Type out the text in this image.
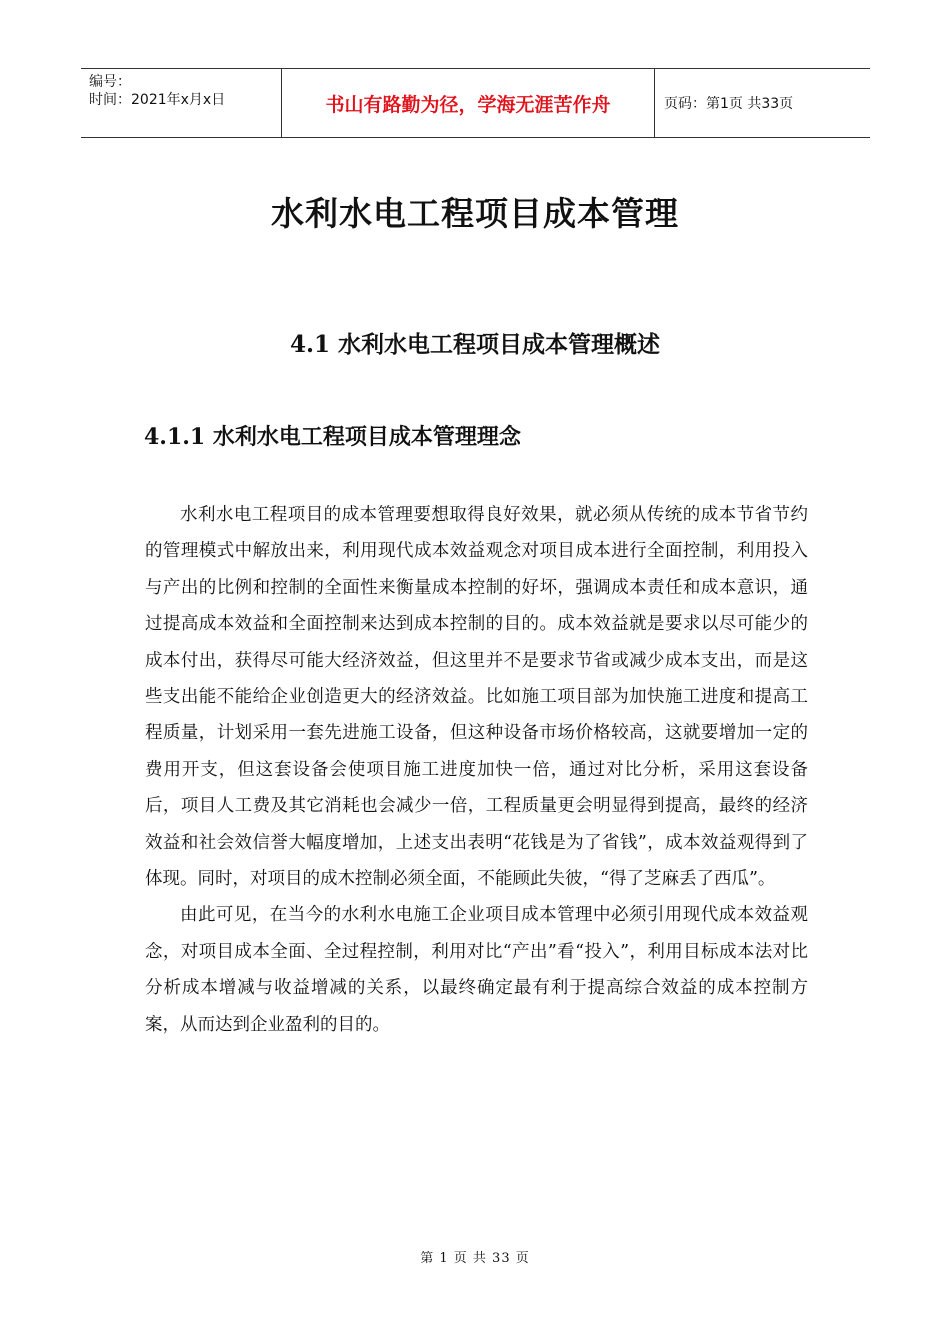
编号：
时间：2021年x月x日	书山有路勤为径，学海无涯苦作舟	页码：第1页 共33页
水利水电工程项目成本管理
4.1 水利水电工程项目成本管理概述
4.1.1 水利水电工程项目成本管理理念

水利水电工程项目的成本管理要想取得良好效果，就必须从传统的成本节省节约的管理模式中解放出来，利用现代成本效益观念对项目成本进行全面控制，利用投入与产出的比例和控制的全面性来衡量成本控制的好坏，强调成本责任和成本意识，通过提高成本效益和全面控制来达到成本控制的目的。成本效益就是要求以尽可能少的成本付出，获得尽可能大经济效益，但这里并不是要求节省或减少成本支出，而是这些支出能不能给企业创造更大的经济效益。比如施工项目部为加快施工进度和提高工程质量，计划采用一套先进施工设备，但这种设备市场价格较高，这就要增加一定的费用开支，但这套设备会使项目施工进度加快一倍，通过对比分析，采用这套设备后，项目人工费及其它消耗也会减少一倍，工程质量更会明显得到提高，最终的经济效益和社会效信誉大幅度增加，上述支出表明“花钱是为了省钱”，成本效益观得到了体现。同时，对项目的成木控制必须全面，不能顾此失彼，“得了芝麻丢了西瓜”。

由此可见，在当今的水利水电施工企业项目成本管理中必须引用现代成本效益观念，对项目成本全面、全过程控制，利用对比“产出”看“投入”，利用目标成本法对比分析成本增减与收益增减的关系，以最终确定最有利于提高综合效益的成本控制方案，从而达到企业盈利的目的。

第 1 页 共 33 页
